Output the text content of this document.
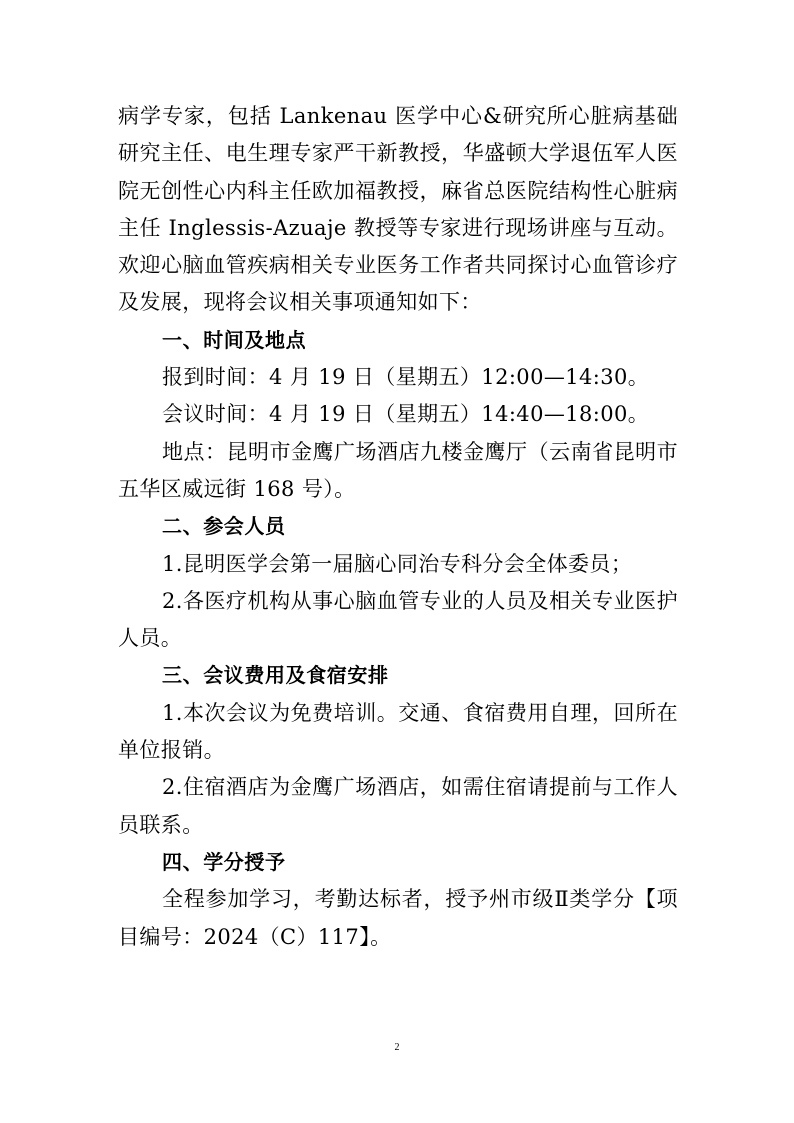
病学专家，包括 Lankenau 医学中心&研究所心脏病基础研究主任、电生理专家严干新教授，华盛顿大学退伍军人医院无创性心内科主任欧加福教授，麻省总医院结构性心脏病主任 Inglessis-Azuaje 教授等专家进行现场讲座与互动。欢迎心脑血管疾病相关专业医务工作者共同探讨心血管诊疗及发展，现将会议相关事项通知如下：

一、时间及地点

报到时间：4 月 19 日（星期五）12:00—14:30。

会议时间：4 月 19 日（星期五）14:40—18:00。

地点：昆明市金鹰广场酒店九楼金鹰厅（云南省昆明市五华区威远街 168 号）。

二、参会人员

1.昆明医学会第一届脑心同治专科分会全体委员；

2.各医疗机构从事心脑血管专业的人员及相关专业医护人员。

三、会议费用及食宿安排

1.本次会议为免费培训。交通、食宿费用自理，回所在单位报销。

2.住宿酒店为金鹰广场酒店，如需住宿请提前与工作人员联系。

四、学分授予

全程参加学习，考勤达标者，授予州市级Ⅱ类学分【项目编号：2024（C）117】。

2
